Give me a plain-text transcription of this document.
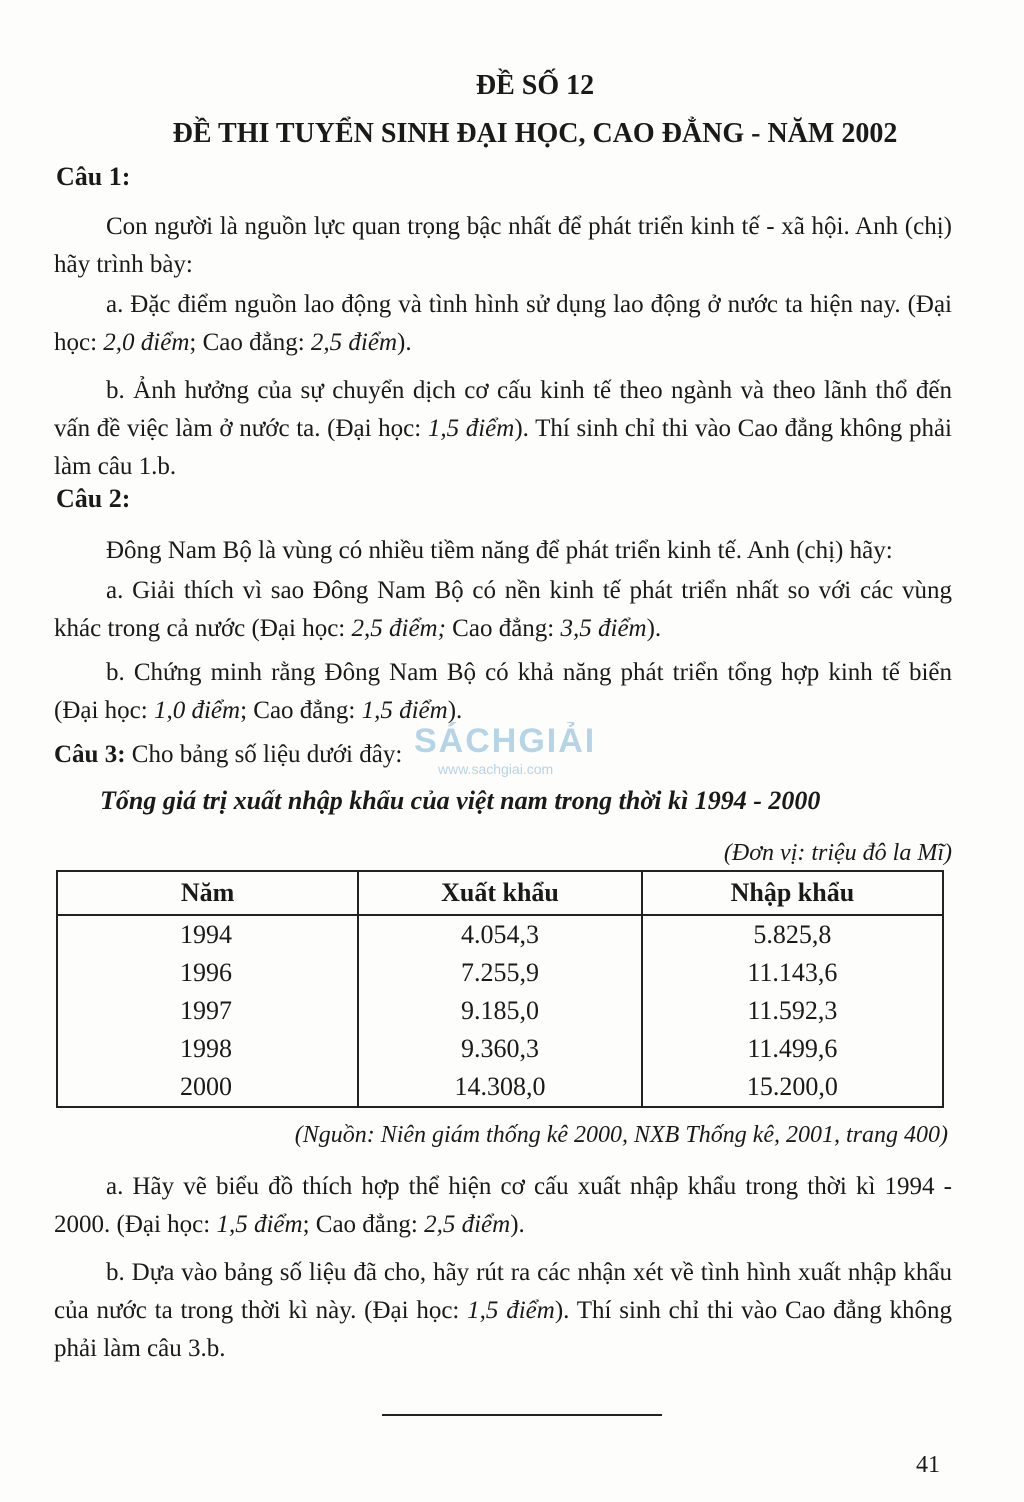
ĐỀ SỐ 12
ĐỀ THI TUYỂN SINH ĐẠI HỌC, CAO ĐẲNG - NĂM 2002
Câu 1:
Con người là nguồn lực quan trọng bậc nhất để phát triển kinh tế - xã hội. Anh (chị) hãy trình bày:
a. Đặc điểm nguồn lao động và tình hình sử dụng lao động ở nước ta hiện nay. (Đại học: 2,0 điểm; Cao đẳng: 2,5 điểm).
b. Ảnh hưởng của sự chuyển dịch cơ cấu kinh tế theo ngành và theo lãnh thổ đến vấn đề việc làm ở nước ta. (Đại học: 1,5 điểm). Thí sinh chỉ thi vào Cao đẳng không phải làm câu 1.b.
Câu 2:
Đông Nam Bộ là vùng có nhiều tiềm năng để phát triển kinh tế. Anh (chị) hãy:
a. Giải thích vì sao Đông Nam Bộ có nền kinh tế phát triển nhất so với các vùng khác trong cả nước (Đại học: 2,5 điểm; Cao đẳng: 3,5 điểm).
b. Chứng minh rằng Đông Nam Bộ có khả năng phát triển tổng hợp kinh tế biển (Đại học: 1,0 điểm; Cao đẳng: 1,5 điểm).
Câu 3: Cho bảng số liệu dưới đây: SÁCHGIẢI
www.sachgiai.com
Tổng giá trị xuất nhập khẩu của việt nam trong thời kì 1994 - 2000
(Đơn vị: triệu đô la Mĩ)
Năm	Xuất khẩu	Nhập khẩu
1994	4.054,3	5.825,8
1996	7.255,9	11.143,6
1997	9.185,0	11.592,3
1998	9.360,3	11.499,6
2000	14.308,0	15.200,0
(Nguồn: Niên giám thống kê 2000, NXB Thống kê, 2001, trang 400)
a. Hãy vẽ biểu đồ thích hợp thể hiện cơ cấu xuất nhập khẩu trong thời kì 1994 - 2000. (Đại học: 1,5 điểm; Cao đẳng: 2,5 điểm).
b. Dựa vào bảng số liệu đã cho, hãy rút ra các nhận xét về tình hình xuất nhập khẩu của nước ta trong thời kì này. (Đại học: 1,5 điểm). Thí sinh chỉ thi vào Cao đẳng không phải làm câu 3.b.
41
